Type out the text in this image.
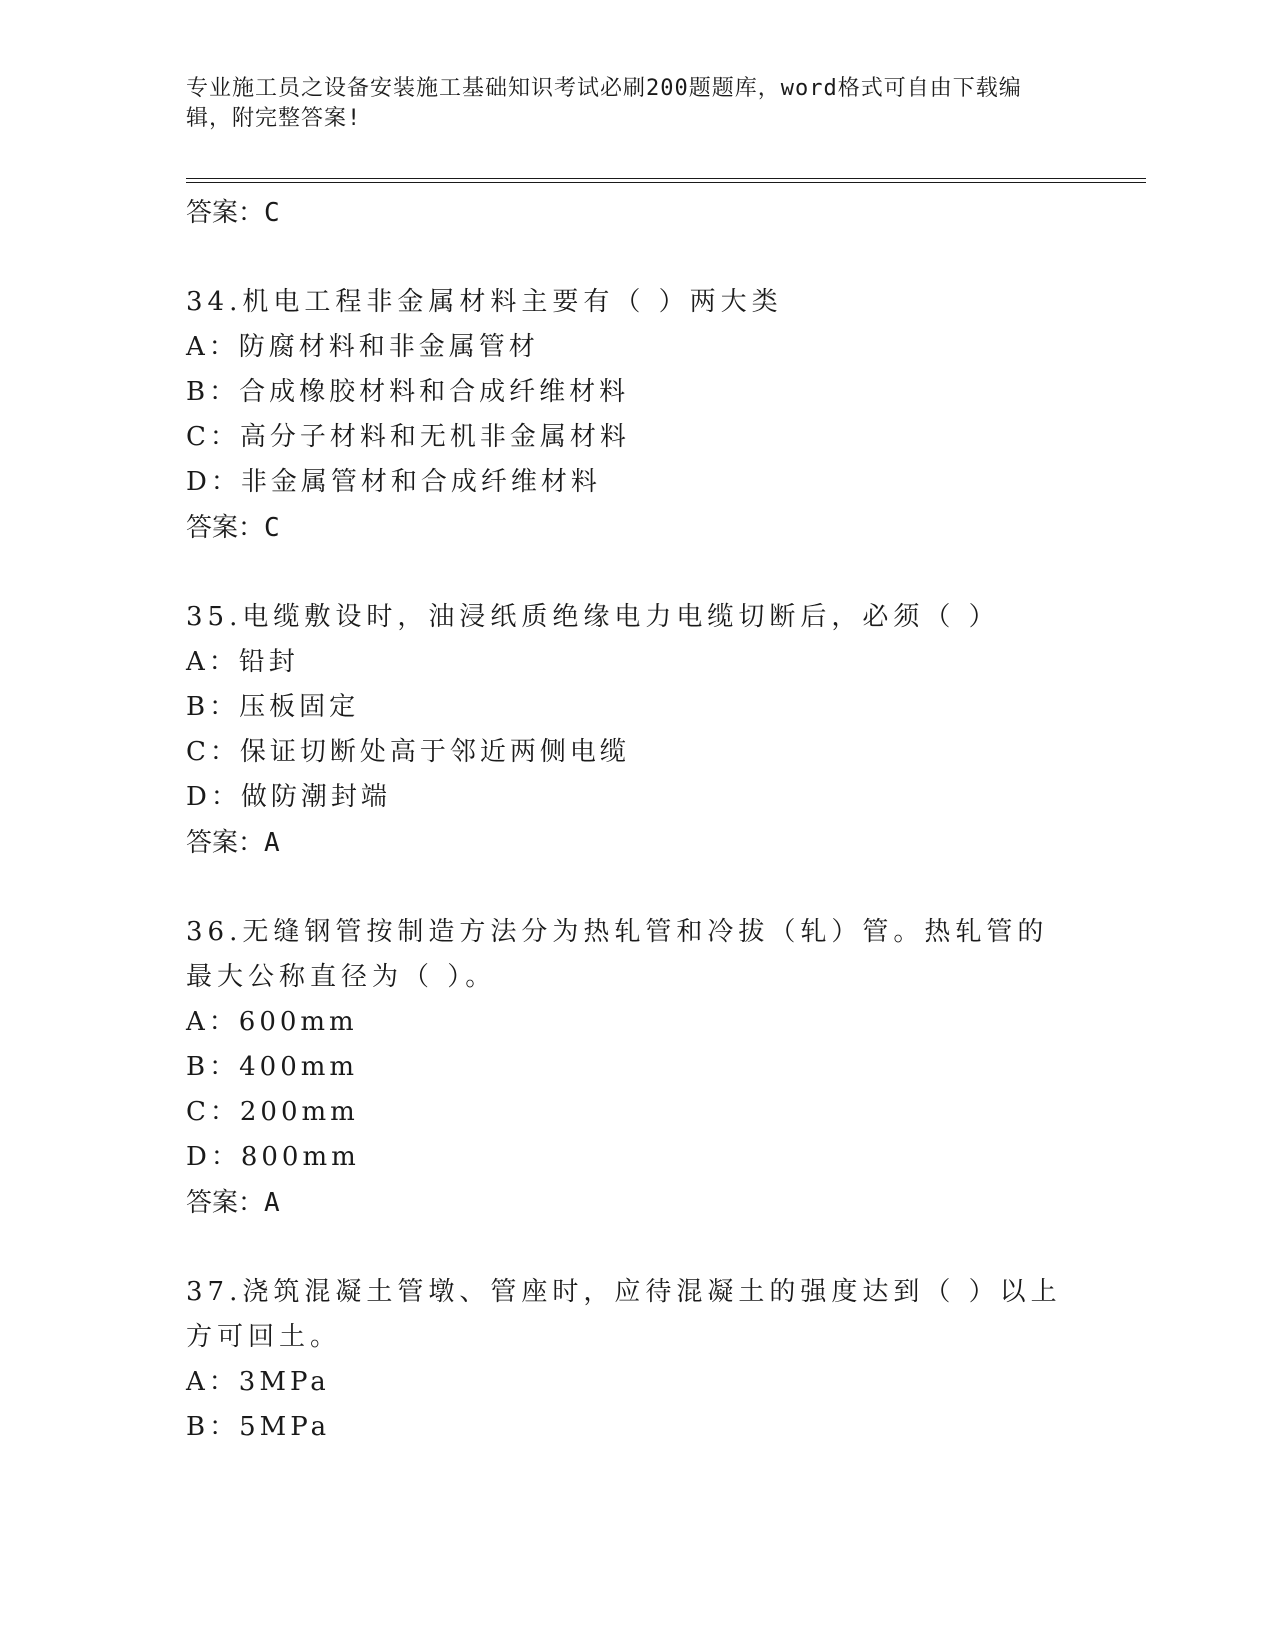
专业施工员之设备安装施工基础知识考试必刷200题题库，word格式可自由下载编辑，附完整答案!
答案：C
34.机电工程非金属材料主要有（ ）两大类
A：防腐材料和非金属管材
B：合成橡胶材料和合成纤维材料
C：高分子材料和无机非金属材料
D：非金属管材和合成纤维材料
答案：C
35.电缆敷设时，油浸纸质绝缘电力电缆切断后，必须（ ）
A：铅封
B：压板固定
C：保证切断处高于邻近两侧电缆
D：做防潮封端
答案：A
36.无缝钢管按制造方法分为热轧管和冷拔（轧）管。热轧管的最大公称直径为（ ）。
A：600mm
B：400mm
C：200mm
D：800mm
答案：A
37.浇筑混凝土管墩、管座时，应待混凝土的强度达到（ ）以上方可回土。
A：3MPa
B：5MPa
